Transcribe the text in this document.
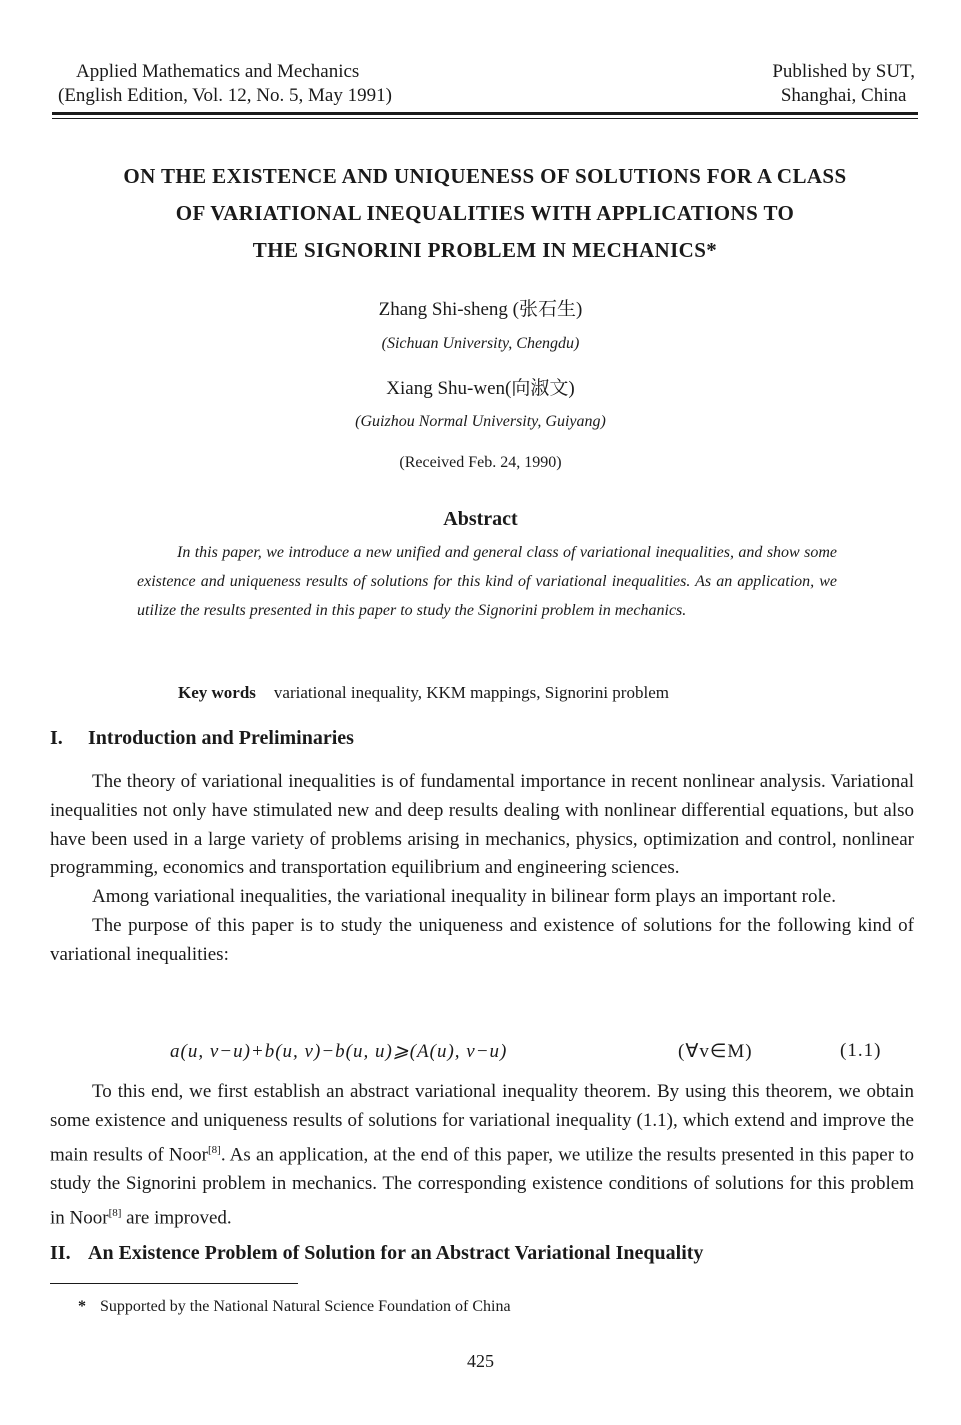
Applied Mathematics and Mechanics
(English Edition, Vol. 12, No. 5, May 1991)
Published by SUT,
Shanghai, China
ON THE EXISTENCE AND UNIQUENESS OF SOLUTIONS FOR A CLASS
OF VARIATIONAL INEQUALITIES WITH APPLICATIONS TO
THE SIGNORINI PROBLEM IN MECHANICS*
Zhang Shi-sheng (张石生)
(Sichuan University, Chengdu)
Xiang Shu-wen(向淑文)
(Guizhou Normal University, Guiyang)
(Received Feb. 24, 1990)
Abstract

In this paper, we introduce a new unified and general class of variational inequalities, and show some existence and uniqueness results of solutions for this kind of variational inequalities. As an application, we utilize the results presented in this paper to study the Signorini problem in mechanics.

Key words variational inequality, KKM mappings, Signorini problem
I. Introduction and Preliminaries

The theory of variational inequalities is of fundamental importance in recent nonlinear analysis. Variational inequalities not only have stimulated new and deep results dealing with nonlinear differential equations, but also have been used in a large variety of problems arising in mechanics, physics, optimization and control, nonlinear programming, economics and transportation equilibrium and engineering sciences.

Among variational inequalities, the variational inequality in bilinear form plays an important role.

The purpose of this paper is to study the uniqueness and existence of solutions for the following kind of variational inequalities:

a(u, v−u)+b(u, v)−b(u, u)⩾(A(u), v−u)	(∀v∈M)	(1.1)

To this end, we first establish an abstract variational inequality theorem. By using this theorem, we obtain some existence and uniqueness results of solutions for variational inequality (1.1), which extend and improve the main results of Noor[8]. As an application, at the end of this paper, we utilize the results presented in this paper to study the Signorini problem in mechanics. The corresponding existence conditions of solutions for this problem in Noor[8] are improved.

II. An Existence Problem of Solution for an Abstract Variational Inequality
* Supported by the National Natural Science Foundation of China
425
